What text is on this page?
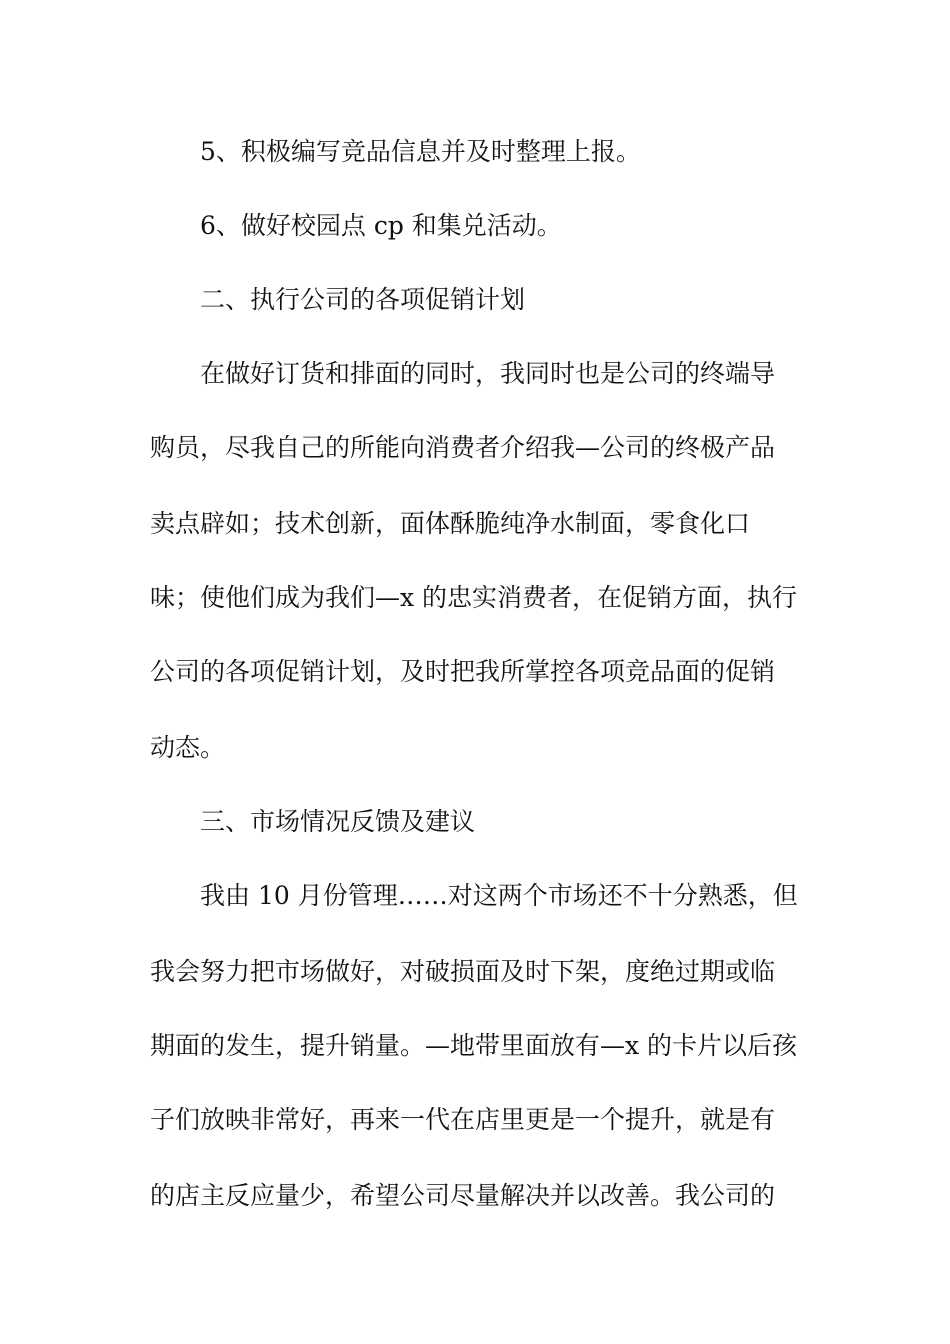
5、积极编写竞品信息并及时整理上报。
6、做好校园点 cp 和集兑活动。
二、执行公司的各项促销计划
在做好订货和排面的同时，我同时也是公司的终端导
购员，尽我自己的所能向消费者介绍我—公司的终极产品
卖点辟如；技术创新，面体酥脆纯净水制面，零食化口
味；使他们成为我们—x 的忠实消费者，在促销方面，执行
公司的各项促销计划，及时把我所掌控各项竞品面的促销
动态。
三、市场情况反馈及建议
我由 10 月份管理……对这两个市场还不十分熟悉，但
我会努力把市场做好，对破损面及时下架，度绝过期或临
期面的发生，提升销量。—地带里面放有—x 的卡片以后孩
子们放映非常好，再来一代在店里更是一个提升，就是有
的店主反应量少，希望公司尽量解决并以改善。我公司的
